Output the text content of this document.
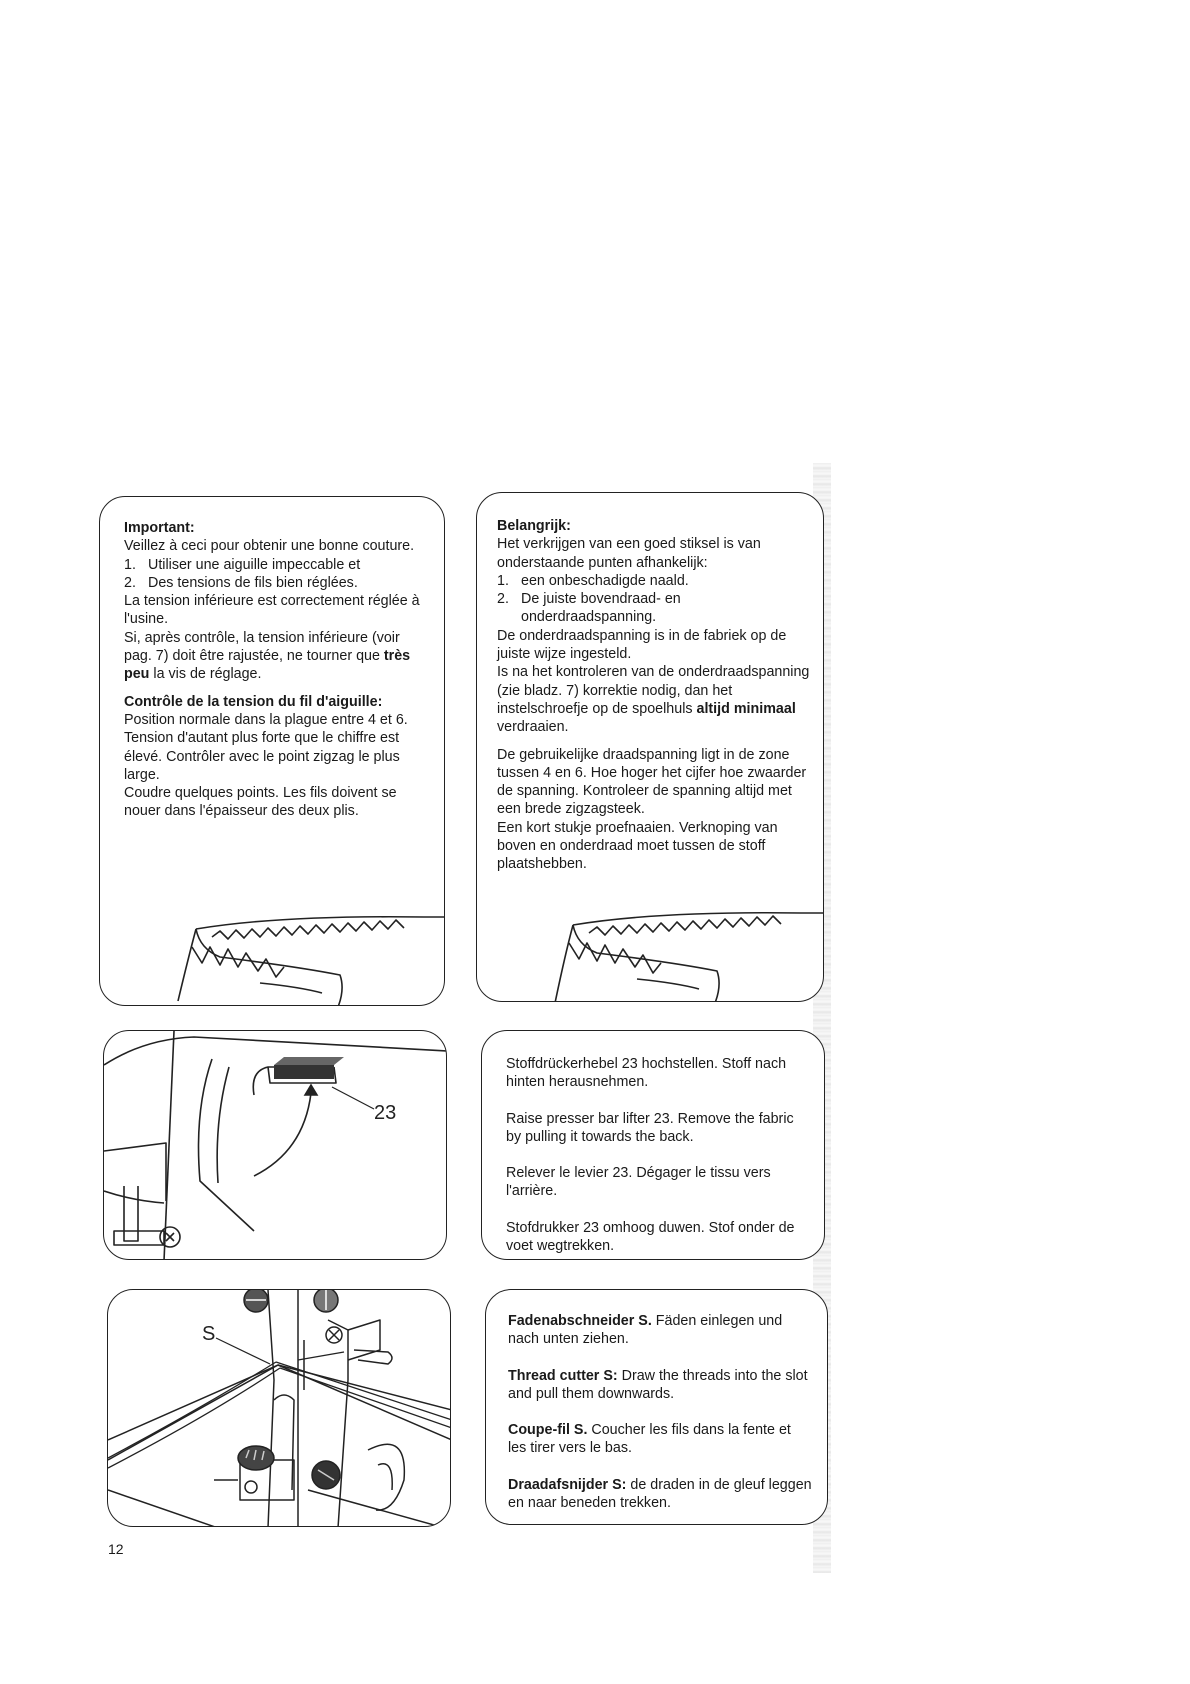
Important:

Veillez à ceci pour obtenir une bonne couture.

1. Utiliser une aiguille impeccable et
2. Des tensions de fils bien réglées.

La tension inférieure est correctement réglée à l'usine.

Si, après contrôle, la tension inférieure (voir pag. 7) doit être rajustée, ne tourner que très peu la vis de réglage.

Contrôle de la tension du fil d'aiguille:

Position normale dans la plague entre 4 et 6. Tension d'autant plus forte que le chiffre est élevé. Contrôler avec le point zigzag le plus large.

Coudre quelques points. Les fils doivent se nouer dans l'épaisseur des deux plis.

Belangrijk:

Het verkrijgen van een goed stiksel is van onderstaande punten afhankelijk:

1. een onbeschadigde naald.
2. De juiste bovendraad- en onderdraadspanning.

De onderdraadspanning is in de fabriek op de juiste wijze ingesteld.

Is na het kontroleren van de onderdraadspanning (zie bladz. 7) korrektie nodig, dan het instelschroefje op de spoelhuls altijd minimaal verdraaien.

De gebruikelijke draadspanning ligt in de zone tussen 4 en 6. Hoe hoger het cijfer hoe zwaarder de spanning. Kontroleer de spanning altijd met een brede zigzagsteek.

Een kort stukje proefnaaien. Verknoping van boven en onderdraad moet tussen de stoff plaatshebben.

23

Stoffdrückerhebel 23 hochstellen. Stoff nach hinten herausnehmen.

Raise presser bar lifter 23. Remove the fabric by pulling it towards the back.

Relever le levier 23. Dégager le tissu vers l'arrière.

Stofdrukker 23 omhoog duwen. Stof onder de voet wegtrekken.

S

Fadenabschneider S. Fäden einlegen und nach unten ziehen.

Thread cutter S: Draw the threads into the slot and pull them downwards.

Coupe-fil S. Coucher les fils dans la fente et les tirer vers le bas.

Draadafsnijder S: de draden in de gleuf leggen en naar beneden trekken.

12
